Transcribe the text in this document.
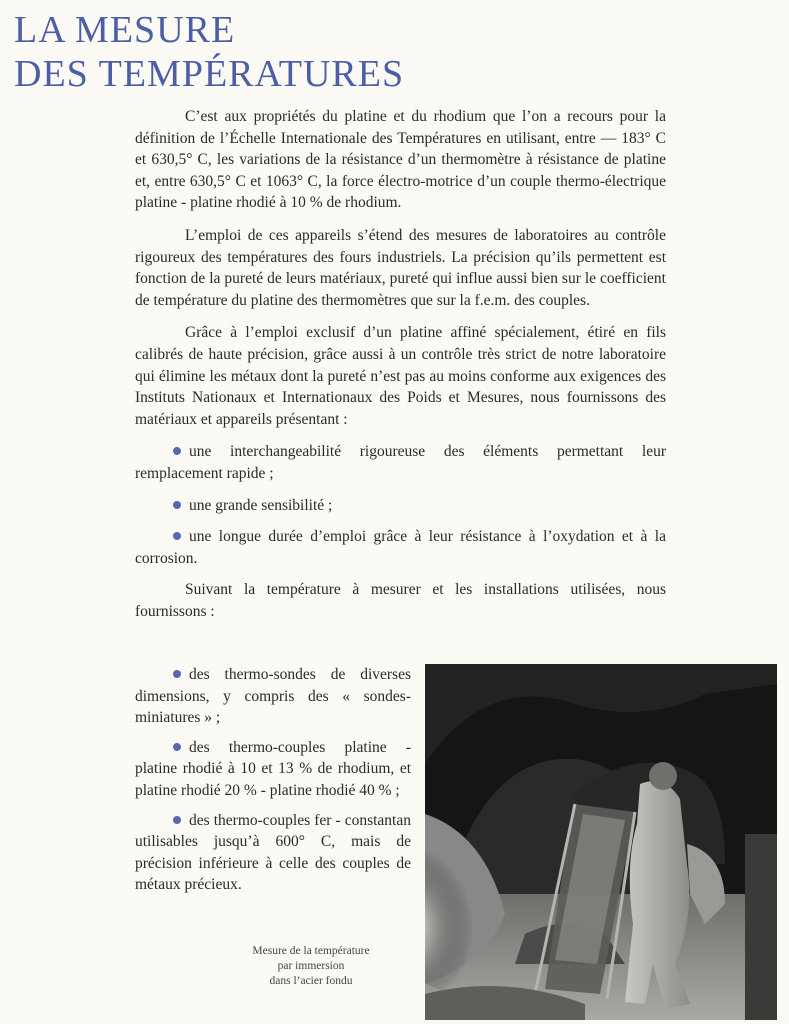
LA MESURE
DES TEMPÉRATURES

C’est aux propriétés du platine et du rhodium que l’on a recours pour la définition de l’Échelle Internationale des Températures en utilisant, entre — 183° C et 630,5° C, les variations de la résistance d’un thermomètre à résistance de platine et, entre 630,5° C et 1063° C, la force électro-motrice d’un couple thermo-électrique platine - platine rhodié à 10 % de rhodium.

L’emploi de ces appareils s’étend des mesures de laboratoires au contrôle rigoureux des températures des fours industriels. La précision qu’ils permettent est fonction de la pureté de leurs matériaux, pureté qui influe aussi bien sur le coefficient de température du platine des thermomètres que sur la f.e.m. des couples.

Grâce à l’emploi exclusif d’un platine affiné spécialement, étiré en fils calibrés de haute précision, grâce aussi à un contrôle très strict de notre laboratoire qui élimine les métaux dont la pureté n’est pas au moins conforme aux exigences des Instituts Nationaux et Internationaux des Poids et Mesures, nous fournissons des matériaux et appareils présentant :

une interchangeabilité rigoureuse des éléments permettant leur remplacement rapide ;
une grande sensibilité ;
une longue durée d’emploi grâce à leur résistance à l’oxydation et à la corrosion.

Suivant la température à mesurer et les installations utilisées, nous fournissons :

des thermo-sondes de diverses dimensions, y compris des « sondes-miniatures » ;
des thermo-couples platine - platine rhodié à 10 et 13 % de rhodium, et platine rhodié 20 % - platine rhodié 40 % ;
des thermo-couples fer - constantan utilisables jusqu’à 600° C, mais de précision inférieure à celle des couples de métaux précieux.
Mesure de la température
par immersion
dans l’acier fondu
